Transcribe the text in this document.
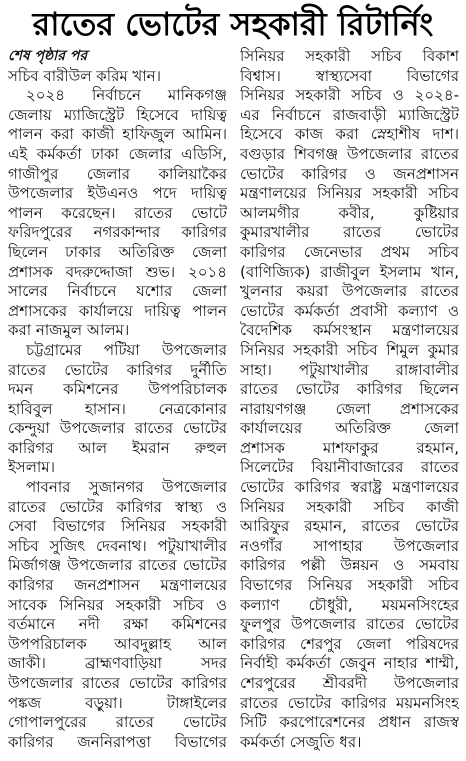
রাতের ভোটের সহকারী রিটার্নিং
শেষ পৃষ্ঠার পর
সচিব বারীউল করিম খান।
২০২৪ নির্বাচনে মানিকগঞ্জ
জেলায় ম্যাজিস্ট্রেট হিসেবে দায়িত্ব
পালন করা কাজী হাফিজুল আমিন।
এই কর্মকর্তা ঢাকা জেলার এডিসি,
গাজীপুর জেলার কালিয়াকৈর
উপজেলার ইউএনও পদে দায়িত্ব
পালন করেছেন। রাতের ভোটে
ফরিদপুরের নগরকান্দার কারিগর
ছিলেন ঢাকার অতিরিক্ত জেলা
প্রশাসক বদরুদ্দোজা শুভ। ২০১৪
সালের নির্বাচনে যশোর জেলা
প্রশাসকের কার্যালয়ে দায়িত্ব পালন
করা নাজমুল আলম।
চট্টগ্রামের পটিয়া উপজেলার
রাতের ভোটের কারিগর দুর্নীতি
দমন কমিশনের উপপরিচালক
হাবিবুল হাসান। নেত্রকোনার
কেন্দুয়া উপজেলার রাতের ভোটের
কারিগর আল ইমরান রুহুল
ইসলাম।
পাবনার সুজানগর উপজেলার
রাতের ভোটের কারিগর স্বাস্থ্য ও
সেবা বিভাগের সিনিয়র সহকারী
সচিব সুজিৎ দেবনাথ। পটুয়াখালীর
মির্জাগঞ্জ উপজেলার রাতের ভোটের
কারিগর জনপ্রশাসন মন্ত্রণালয়ের
সাবেক সিনিয়র সহকারী সচিব ও
বর্তমানে নদী রক্ষা কমিশনের
উপপরিচালক আবদুল্লাহ আল
জাকী। ব্রাহ্মণবাড়িয়া সদর
উপজেলার রাতের ভোটের কারিগর
পঙ্কজ বড়ুয়া। টাঙ্গাইলের
গোপালপুরের রাতের ভোটের
কারিগর জননিরাপত্তা বিভাগের
সিনিয়র সহকারী সচিব বিকাশ
বিশ্বাস। স্বাস্থ্যসেবা বিভাগের
সিনিয়র সহকারী সচিব ও ২০২৪-
এর নির্বাচনে রাজবাড়ী ম্যাজিস্ট্রেট
হিসেবে কাজ করা স্নেহাশীষ দাশ।
বগুড়ার শিবগঞ্জ উপজেলার রাতের
ভোটের কারিগর ও জনপ্রশাসন
মন্ত্রণালয়ের সিনিয়র সহকারী সচিব
আলমগীর কবীর, কুষ্টিয়ার
কুমারখালীর রাতের ভোটের
কারিগর জেনেভার প্রথম সচিব
(বাণিজ্যিক) রাজীবুল ইসলাম খান,
খুলনার কয়রা উপজেলার রাতের
ভোটের কর্মকর্তা প্রবাসী কল্যাণ ও
বৈদেশিক কর্মসংস্থান মন্ত্রণালয়ের
সিনিয়র সহকারী সচিব শিমুল কুমার
সাহা। পটুয়াখালীর রাঙ্গাবালীর
রাতের ভোটের কারিগর ছিলেন
নারায়ণগঞ্জ জেলা প্রশাসকের
কার্যালয়ের অতিরিক্ত জেলা
প্রশাসক মাশফাকুর রহমান,
সিলেটের বিয়ানীবাজারের রাতের
ভোটের কারিগর স্বরাষ্ট্র মন্ত্রণালয়ের
সিনিয়র সহকারী সচিব কাজী
আরিফুর রহমান, রাতের ভোটের
নওগাঁর সাপাহার উপজেলার
কারিগর পল্লী উন্নয়ন ও সমবায়
বিভাগের সিনিয়র সহকারী সচিব
কল্যাণ চৌধুরী, ময়মনসিংহের
ফুলপুর উপজেলার রাতের ভোটের
কারিগর শেরপুর জেলা পরিষদের
নির্বাহী কর্মকর্তা জেবুন নাহার শাম্মী,
শেরপুরের শ্রীবরদী উপজেলার
রাতের ভোটের কারিগর ময়মনসিংহ
সিটি করপোরেশনের প্রধান রাজস্ব
কর্মকর্তা সেজুতি ধর।
